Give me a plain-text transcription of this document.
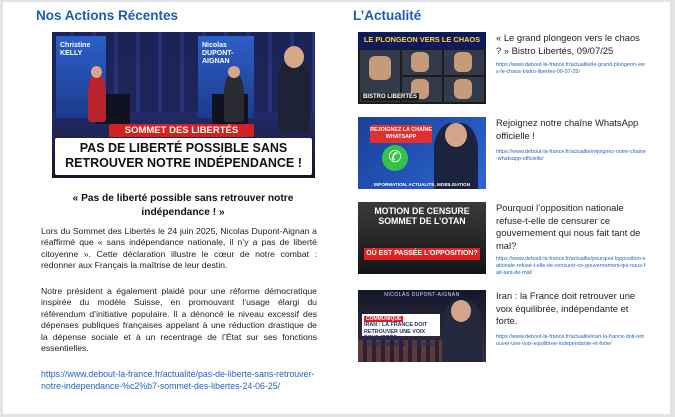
Nos Actions Récentes	L’Actualité
Christine KELLY
Nicolas DUPONT-AIGNAN
SOMMET DES LIBERTÉS
PAS DE LIBERTÉ POSSIBLE SANS RETROUVER NOTRE INDÉPENDANCE !

« Pas de liberté possible sans retrouver notre indépendance ! »

Lors du Sommet des Libertés le 24 juin 2025, Nicolas Dupont-Aignan a réaffirmé que « sans indépendance nationale, il n’y a pas de liberté citoyenne ». Cette déclaration illustre le cœur de notre combat : redonner aux Français la maîtrise de leur destin.

Notre président a également plaidé pour une réforme démocratique inspirée du modèle Suisse, en promouvant l’usage élargi du référendum d’initiative populaire. Il a dénoncé le niveau excessif des dépenses publiques françaises appelant à une réduction drastique de la dépense sociale et à un recentrage de l’État sur ses fonctions essentielles.

https://www.debout-la-france.fr/actualite/pas-de-liberte-sans-retrouver-notre-independance-%c2%b7-sommet-des-libertes-24-06-25/
LE PLONGEON VERS LE CHAOS
BISTRO LIBERTÉS
« Le grand plongeon vers le chaos ? » Bistro Libertés, 09/07/25
https://www.debout-la-france.fr/actualite/le-grand-plongeon-vers-le-chaos-bistro-libertes-09-07-25/
REJOIGNEZ LA CHAÎNE WHATSAPP
✆
INFORMATION, ACTUALITÉ, MOBILISATION
Rejoignez notre chaîne WhatsApp officielle !
https://www.debout-la-france.fr/actualite/rejoignez-notre-chaine-whatsapp-officielle/
MOTION DE CENSURE SOMMET DE L’OTAN
OÙ EST PASSÉE L’OPPOSITION?
Pourquoi l’opposition nationale refuse-t-elle de censurer ce gouvernement qui nous fait tant de mal?
https://www.debout-la-france.fr/actualite/pourquoi-lopposition-nationale-refuse-t-elle-de-censurer-ce-gouvernement-qui-nous-fait-tant-de-mal/
NICOLAS DUPONT-AIGNAN
COMMUNIQUÉ
IRAN : LA FRANCE DOIT RETROUVER UNE VOIX ÉQUILIBRÉE, INDÉPENDANTE ET FORTE
Iran : la France doit retrouver une voix équilibrée, indépendante et forte.
https://www.debout-la-france.fr/actualite/iran-la-france-doit-retrouver-une-voix-equilibree-independante-et-forte/
